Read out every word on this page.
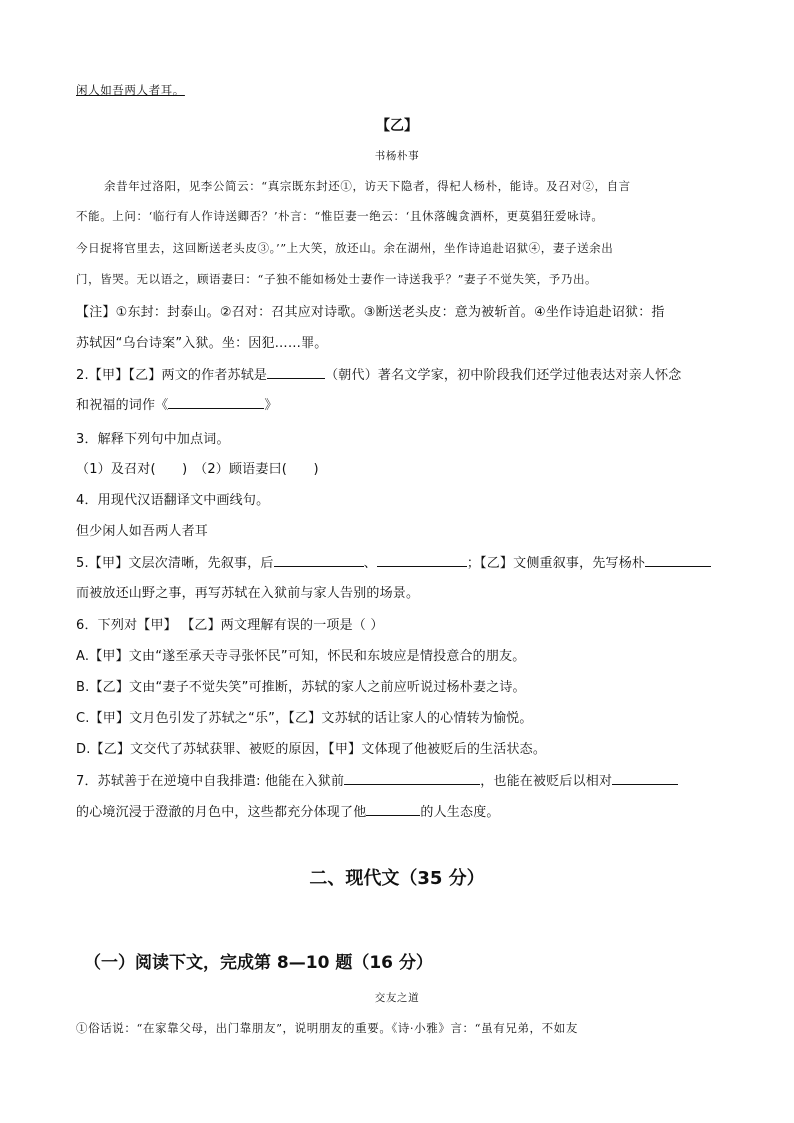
闲人如吾两人者耳。
【乙】
书杨朴事
余昔年过洛阳，见李公简云：“真宗既东封还①，访天下隐者，得杞人杨朴，能诗。及召对②，自言
不能。上问：‘临行有人作诗送卿否？’朴言：“惟臣妻一绝云：‘且休落魄贪酒杯，更莫猖狂爱咏诗。
今日捉将官里去，这回断送老头皮③。’”上大笑，放还山。余在湖州，坐作诗追赴诏狱④，妻子送余出
门，皆哭。无以语之，顾语妻曰：“子独不能如杨处士妻作一诗送我乎？”妻子不觉失笑，予乃出。
【注】①东封：封泰山。②召对：召其应对诗歌。③断送老头皮：意为被斩首。④坐作诗追赴诏狱：指
苏轼因“乌台诗案”入狱。坐：因犯……罪。
2.【甲】【乙】两文的作者苏轼是	（朝代）著名文学家，初中阶段我们还学过他表达对亲人怀念
和祝福的词作《	》
3．解释下列句中加点词。
（1）及召对(　　)　（2）顾语妻曰(　　)
4．用现代汉语翻译文中画线句。
但少闲人如吾两人者耳
5.【甲】文层次清晰，先叙事，后	、	；【乙】文侧重叙事，先写杨朴
而被放还山野之事，再写苏轼在入狱前与家人告别的场景。
6．下列对【甲】 【乙】两文理解有误的一项是（ ）
A.【甲】文由“遂至承天寺寻张怀民”可知，怀民和东坡应是情投意合的朋友。
B.【乙】文由“妻子不觉失笑”可推断，苏轼的家人之前应听说过杨朴妻之诗。
C.【甲】文月色引发了苏轼之“乐”，【乙】文苏轼的话让家人的心情转为愉悦。
D.【乙】文交代了苏轼获罪、被贬的原因，【甲】文体现了他被贬后的生活状态。
7．苏轼善于在逆境中自我排遣: 他能在入狱前	，也能在被贬后以相对
的心境沉浸于澄澈的月色中，这些都充分体现了他	的人生态度。
二、现代文（35 分）
（一）阅读下文，完成第 8—10 题（16 分）
交友之道
①俗话说：“在家靠父母，出门靠朋友”，说明朋友的重要。《诗·小雅》言：“虽有兄弟，不如友
